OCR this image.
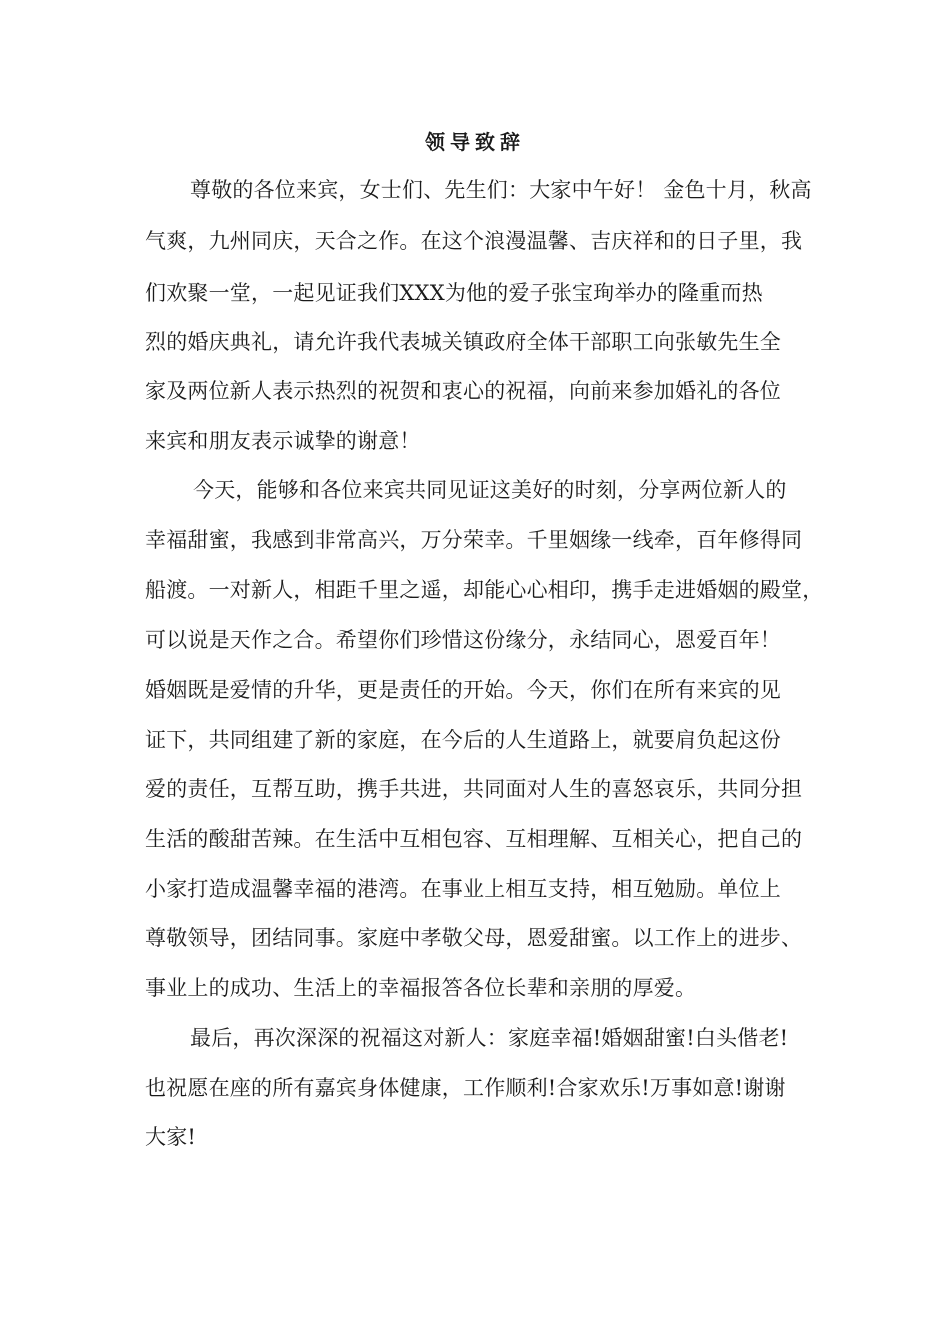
领导致辞
尊敬的各位来宾，女士们、先生们：大家中午好！ 金色十月，秋高
气爽，九州同庆，天合之作。在这个浪漫温馨、吉庆祥和的日子里，我
们欢聚一堂，一起见证我们XXX为他的爱子张宝珣举办的隆重而热
烈的婚庆典礼，请允许我代表城关镇政府全体干部职工向张敏先生全
家及两位新人表示热烈的祝贺和衷心的祝福，向前来参加婚礼的各位
来宾和朋友表示诚挚的谢意！
今天，能够和各位来宾共同见证这美好的时刻，分享两位新人的
幸福甜蜜，我感到非常高兴，万分荣幸。千里姻缘一线牵，百年修得同
船渡。一对新人，相距千里之遥，却能心心相印，携手走进婚姻的殿堂，
可以说是天作之合。希望你们珍惜这份缘分，永结同心，恩爱百年！
婚姻既是爱情的升华，更是责任的开始。今天，你们在所有来宾的见
证下，共同组建了新的家庭，在今后的人生道路上，就要肩负起这份
爱的责任，互帮互助，携手共进，共同面对人生的喜怒哀乐，共同分担
生活的酸甜苦辣。在生活中互相包容、互相理解、互相关心，把自己的
小家打造成温馨幸福的港湾。在事业上相互支持，相互勉励。单位上
尊敬领导，团结同事。家庭中孝敬父母，恩爱甜蜜。以工作上的进步、
事业上的成功、生活上的幸福报答各位长辈和亲朋的厚爱。
最后，再次深深的祝福这对新人：家庭幸福!婚姻甜蜜!白头偕老!
也祝愿在座的所有嘉宾身体健康，工作顺利!合家欢乐!万事如意!谢谢
大家!
